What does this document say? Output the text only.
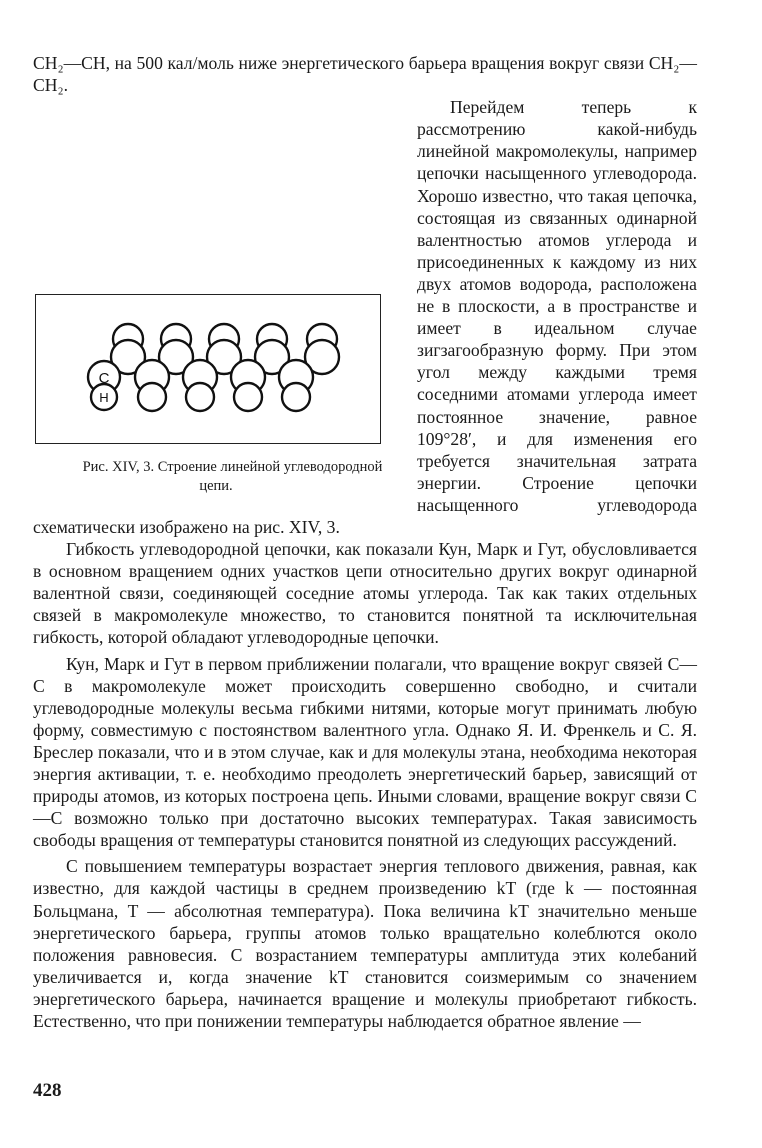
CH₂—CH, на 500 кал/моль ниже энергетического барьера вращения вокруг связи CH₂—CH₂.

C
H
Рис. XIV, 3. Строение линейной углеводородной цепи.
Перейдем теперь к рассмотрению какой-нибудь линейной макромолекулы, например цепочки насыщенного углеводорода. Хорошо известно, что такая цепочка, состоящая из связанных одинарной валентностью атомов углерода и присоединенных к каждому из них двух атомов водорода, расположена не в плоскости, а в пространстве и имеет в идеальном случае зигзагообразную форму. При этом угол между каждыми тремя соседними атомами углерода имеет постоянное значение, равное 109°28′, и для изменения его требуется значительная затрата энергии. Строение цепочки насыщенного углеводорода схематически изображено на рис. XIV, 3.

Гибкость углеводородной цепочки, как показали Кун, Марк и Гут, обусловливается в основном вращением одних участков цепи относительно других вокруг одинарной валентной связи, соединяющей соседние атомы углерода. Так как таких отдельных связей в макромолекуле множество, то становится понятной та исключительная гибкость, которой обладают углеводородные цепочки.

Кун, Марк и Гут в первом приближении полагали, что вращение вокруг связей С—С в макромолекуле может происходить совершенно свободно, и считали углеводородные молекулы весьма гибкими нитями, которые могут принимать любую форму, совместимую с постоянством валентного угла. Однако Я. И. Френкель и С. Я. Бреслер показали, что и в этом случае, как и для молекулы этана, необходима некоторая энергия активации, т. е. необходимо преодолеть энергетический барьер, зависящий от природы атомов, из которых построена цепь. Иными словами, вращение вокруг связи С—С возможно только при достаточно высоких температурах. Такая зависимость свободы вращения от температуры становится понятной из следующих рассуждений.

С повышением температуры возрастает энергия теплового движения, равная, как известно, для каждой частицы в среднем произведению kT (где k — постоянная Больцмана, T — абсолютная температура). Пока величина kT значительно меньше энергетического барьера, группы атомов только вращательно колеблются около положения равновесия. С возрастанием температуры амплитуда этих колебаний увеличивается и, когда значение kT становится соизмеримым со значением энергетического барьера, начинается вращение и молекулы приобретают гибкость. Естественно, что при понижении температуры наблюдается обратное явление —

428
